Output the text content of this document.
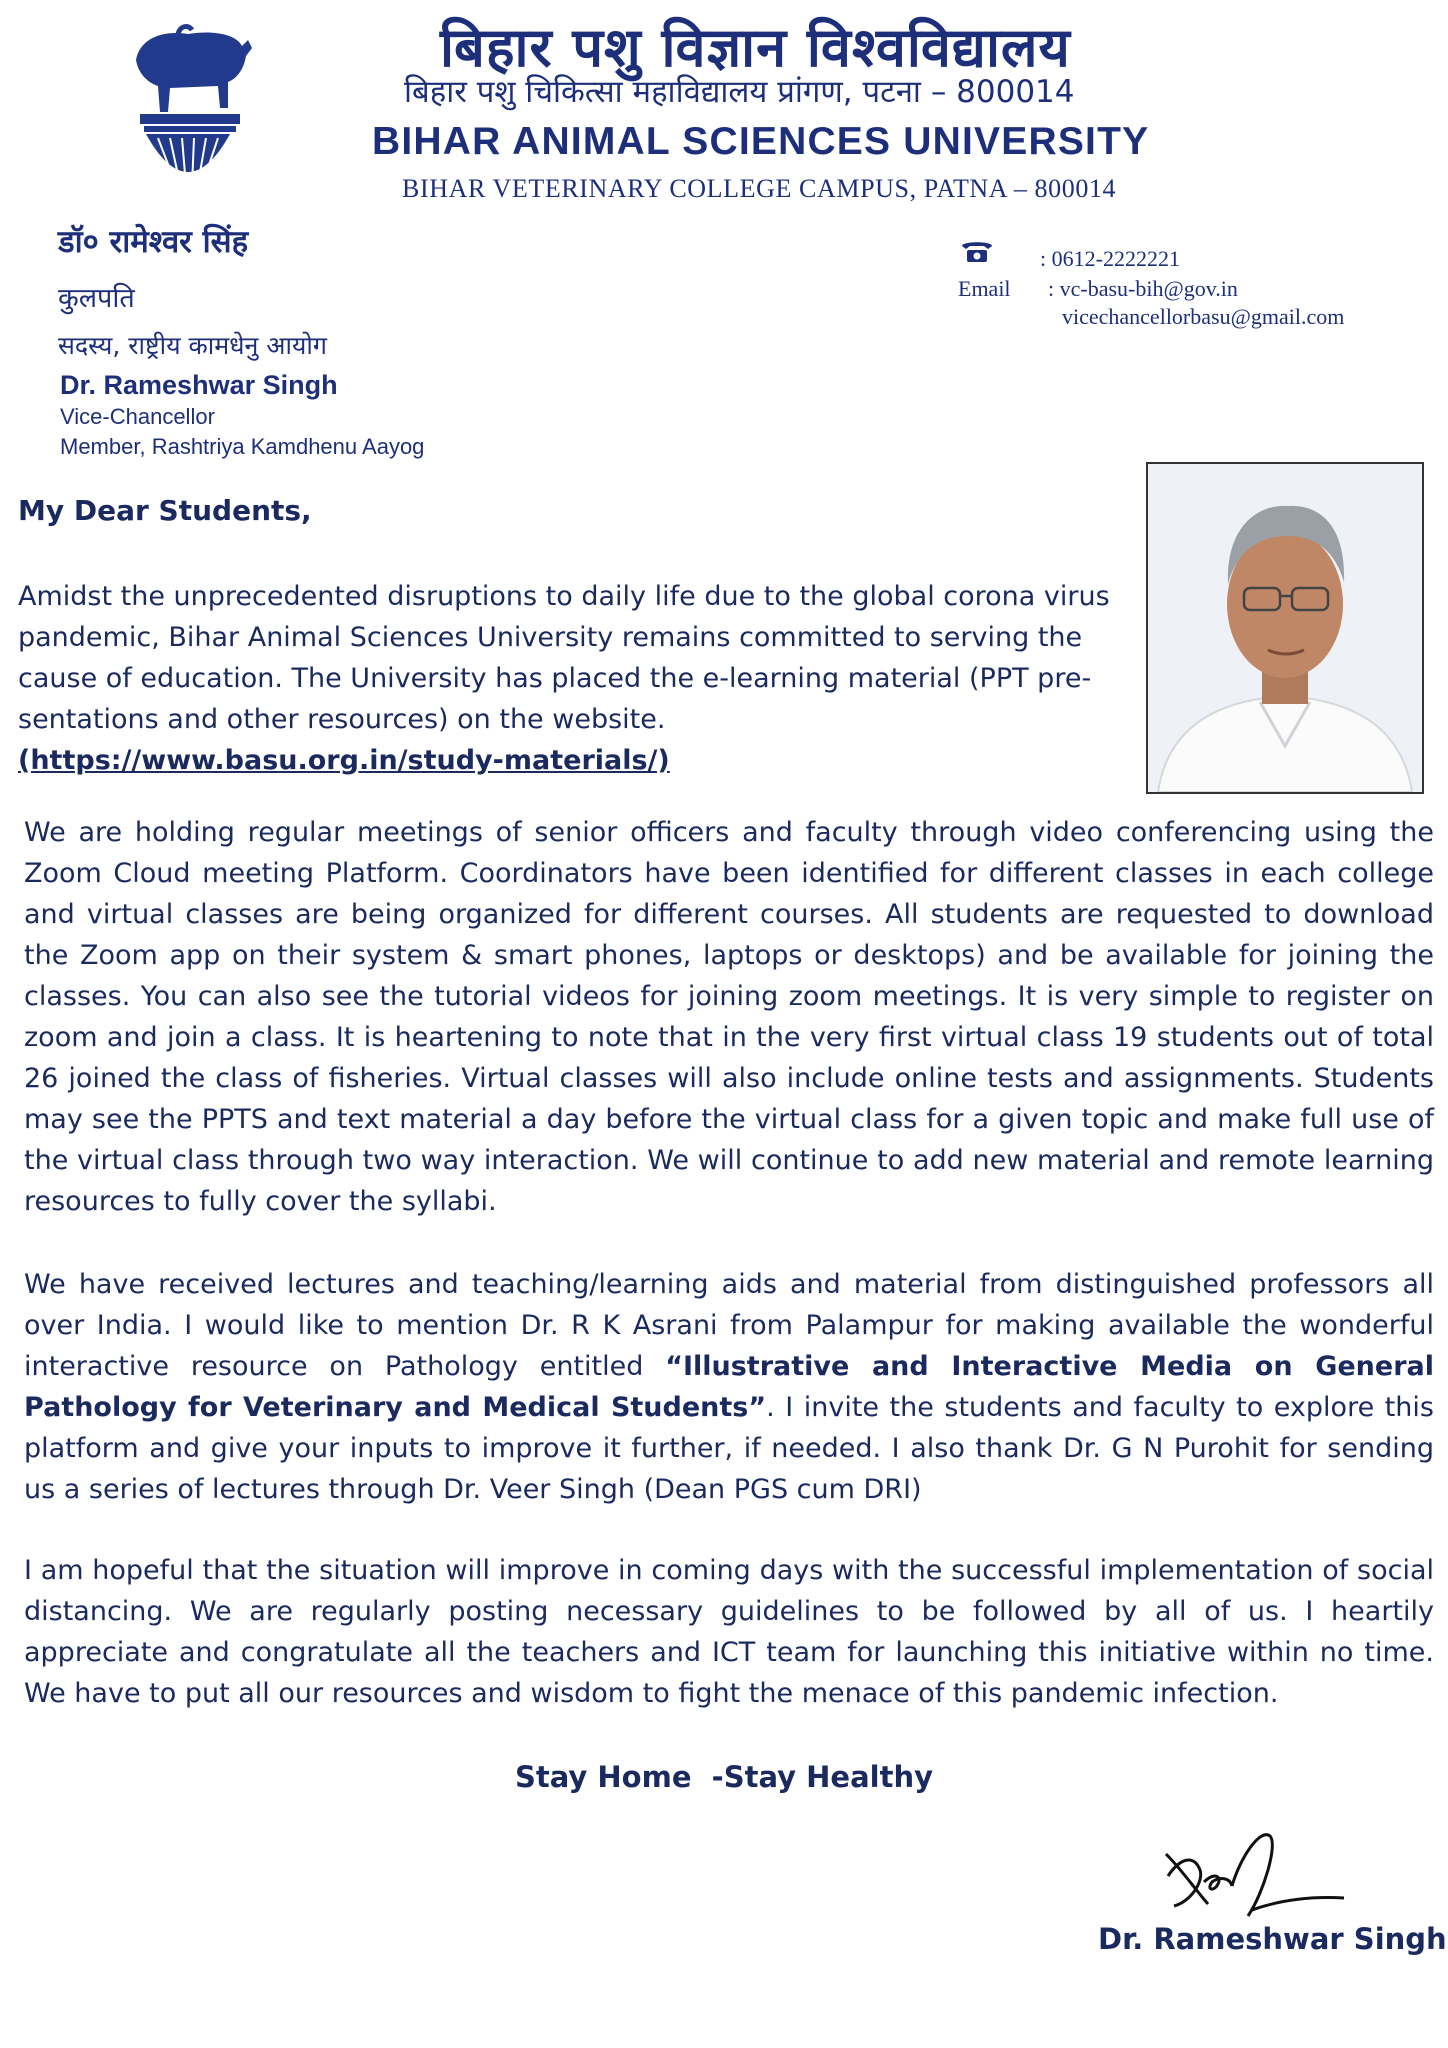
बिहार पशु विज्ञान विश्वविद्यालय
बिहार पशु चिकित्सा महाविद्यालय प्रांगण, पटना – 800014
BIHAR ANIMAL SCIENCES UNIVERSITY
BIHAR VETERINARY COLLEGE CAMPUS, PATNA – 800014
डॉ० रामेश्वर सिंह
कुलपति
सदस्य, राष्ट्रीय कामधेनु आयोग
Dr. Rameshwar Singh
Vice-Chancellor
Member, Rashtriya Kamdhenu Aayog
: 0612-2222221
Email : vc-basu-bih@gov.in
vicechancellorbasu@gmail.com
My Dear Students,
Amidst the unprecedented disruptions to daily life due to the global corona virus
pandemic, Bihar Animal Sciences University remains committed to serving the
cause of education. The University has placed the e-learning material (PPT pre-
sentations and other resources) on the website.
(https://www.basu.org.in/study-materials/)
We are holding regular meetings of senior officers and faculty through video conferencing using the Zoom Cloud meeting Platform. Coordinators have been identified for different classes in each college and virtual classes are being organized for different courses. All students are requested to download the Zoom app on their system & smart phones, laptops or desktops) and be available for joining the classes. You can also see the tutorial videos for joining zoom meetings. It is very simple to register on zoom and join a class. It is heartening to note that in the very first virtual class 19 students out of total 26 joined the class of fisheries. Virtual classes will also include online tests and assignments. Students may see the PPTS and text material a day before the virtual class for a given topic and make full use of the virtual class through two way interaction. We will continue to add new material and remote learning resources to fully cover the syllabi.
We have received lectures and teaching/learning aids and material from distinguished professors all over India. I would like to mention Dr. R K Asrani from Palampur for making available the wonderful interactive resource on Pathology entitled “Illustrative and Interactive Media on General Pathology for Veterinary and Medical Students”. I invite the students and faculty to explore this platform and give your inputs to improve it further, if needed. I also thank Dr. G N Purohit for sending us a series of lectures through Dr. Veer Singh (Dean PGS cum DRI)
I am hopeful that the situation will improve in coming days with the successful implementation of social distancing. We are regularly posting necessary guidelines to be followed by all of us. I heartily appreciate and congratulate all the teachers and ICT team for launching this initiative within no time. We have to put all our resources and wisdom to fight the menace of this pandemic infection.
Stay Home  -Stay Healthy
Dr. Rameshwar Singh
